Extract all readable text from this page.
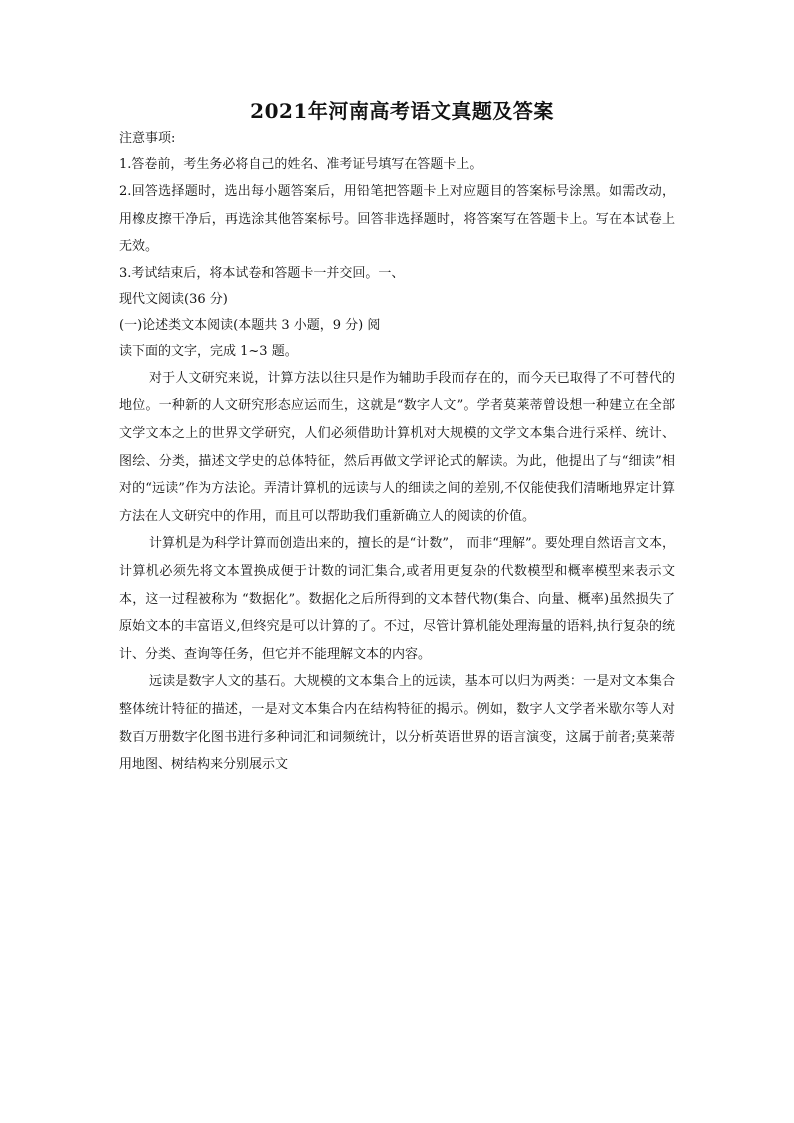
2021年河南高考语文真题及答案

注意事项:

1.答卷前，考生务必将自己的姓名、准考证号填写在答题卡上。

2.回答选择题时，选出每小题答案后，用铅笔把答题卡上对应题目的答案标号涂黑。如需改动，用橡皮擦干净后，再选涂其他答案标号。回答非选择题时，将答案写在答题卡上。写在本试卷上无效。

3.考试结束后，将本试卷和答题卡一并交回。一、

现代文阅读(36 分)

(一)论述类文本阅读(本题共 3 小题，9 分) 阅

读下面的文字，完成 1~3 题。

对于人文研究来说，计算方法以往只是作为辅助手段而存在的，而今天已取得了不可替代的地位。一种新的人文研究形态应运而生，这就是“数字人文”。学者莫莱蒂曾设想一种建立在全部文学文本之上的世界文学研究，人们必须借助计算机对大规模的文学文本集合进行采样、统计、图绘、分类，描述文学史的总体特征，然后再做文学评论式的解读。为此，他提出了与“细读”相对的“远读”作为方法论。弄清计算机的远读与人的细读之间的差别,不仅能使我们清晰地界定计算方法在人文研究中的作用，而且可以帮助我们重新确立人的阅读的价值。

计算机是为科学计算而创造出来的，擅长的是“计数”， 而非“理解”。要处理自然语言文本，计算机必须先将文本置换成便于计数的词汇集合,或者用更复杂的代数模型和概率模型来表示文本，这一过程被称为 “数据化”。数据化之后所得到的文本替代物(集合、向量、概率)虽然损失了原始文本的丰富语义,但终究是可以计算的了。不过，尽管计算机能处理海量的语料,执行复杂的统计、分类、查询等任务，但它并不能理解文本的内容。

远读是数字人文的基石。大规模的文本集合上的远读，基本可以归为两类：一是对文本集合整体统计特征的描述，一是对文本集合内在结构特征的揭示。例如，数字人文学者米歇尔等人对数百万册数字化图书进行多种词汇和词频统计，以分析英语世界的语言演变，这属于前者;莫莱蒂用地图、树结构来分别展示文
